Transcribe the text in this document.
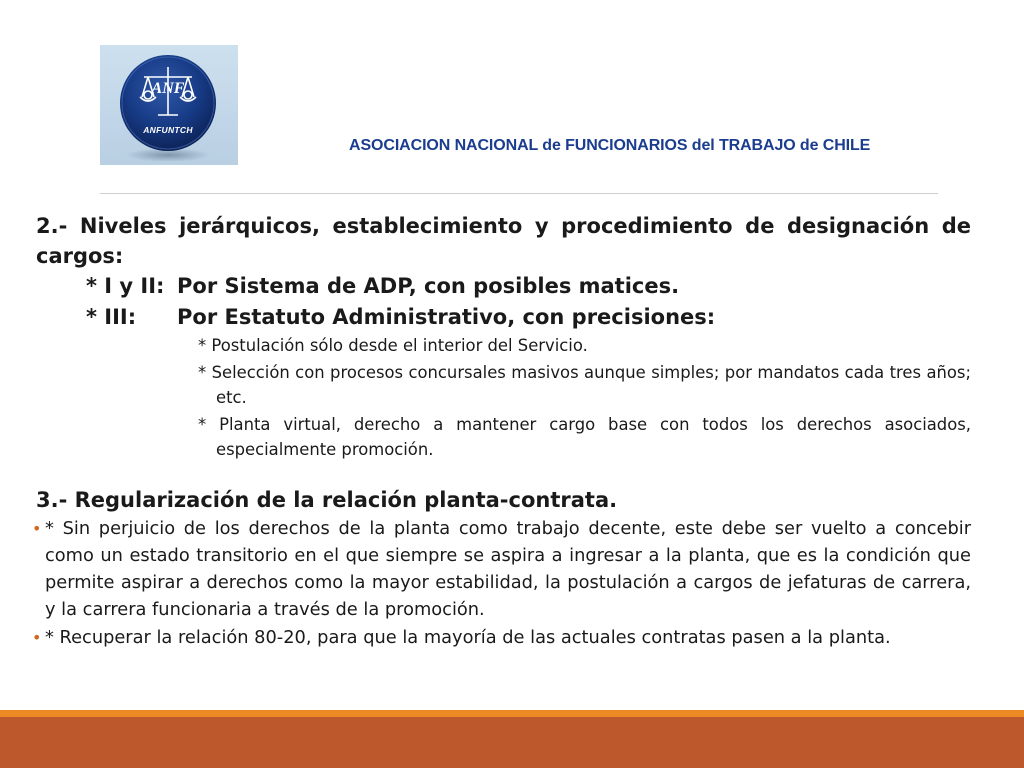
ANF
ANFUNTCH
ASOCIACION NACIONAL de FUNCIONARIOS del TRABAJO de CHILE

2.- Niveles jerárquicos, establecimiento y procedimiento de designación de cargos:

* I y II: Por Sistema de ADP, con posibles matices.

* III: Por Estatuto Administrativo, con precisiones:

* Postulación sólo desde el interior del Servicio.

* Selección con procesos concursales masivos aunque simples; por mandatos cada tres años; etc.

* Planta virtual, derecho a mantener cargo base con todos los derechos asociados, especialmente promoción.

3.- Regularización de la relación planta-contrata.

• * Sin perjuicio de los derechos de la planta como trabajo decente, este debe ser vuelto a concebir como un estado transitorio en el que siempre se aspira a ingresar a la planta, que es la condición que permite aspirar a derechos como la mayor estabilidad, la postulación a cargos de jefaturas de carrera, y la carrera funcionaria a través de la promoción.

• * Recuperar la relación 80-20, para que la mayoría de las actuales contratas pasen a la planta.
